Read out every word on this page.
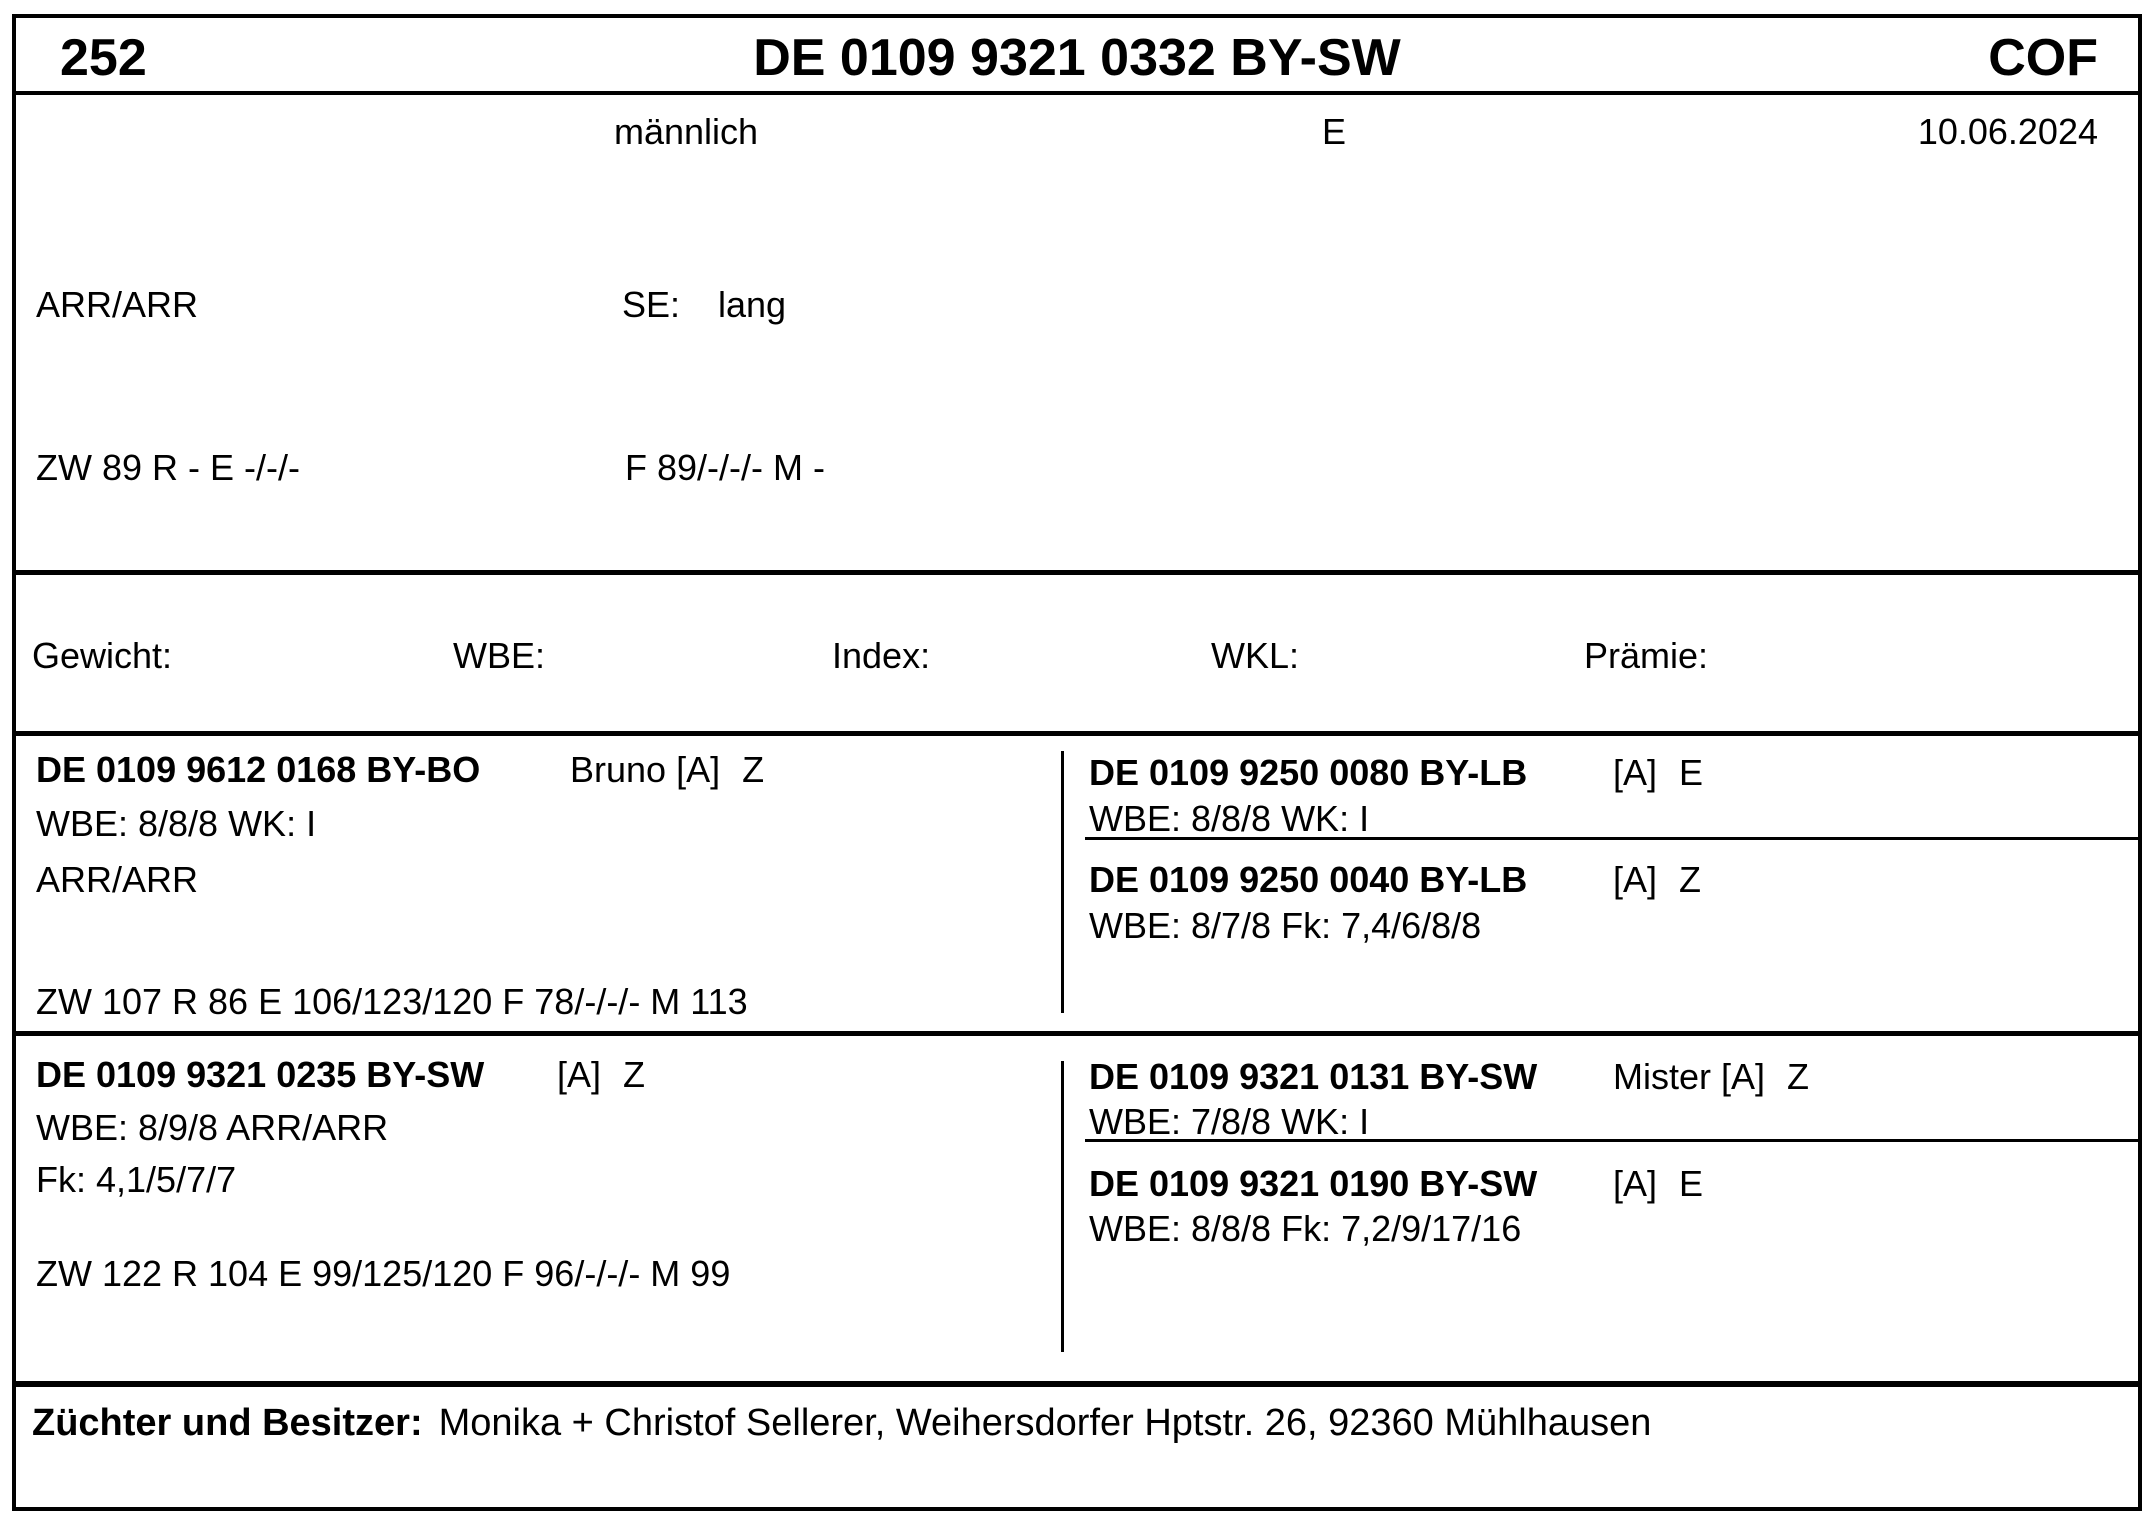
252	DE 0109 9321 0332 BY-SW	COF
männlich	E	10.06.2024
ARR/ARR	SE: lang
ZW 89 R - E -/-/-	F 89/-/-/- M -
Gewicht:	WBE:	Index:	WKL:	Prämie:
DE 0109 9612 0168 BY-BO Bruno [A] Z
WBE: 8/8/8 WK: I
ARR/ARR
ZW 107 R 86 E 106/123/120 F 78/-/-/- M 113
DE 0109 9250 0080 BY-LB [A] E
WBE: 8/8/8 WK: I
DE 0109 9250 0040 BY-LB [A] Z
WBE: 8/7/8 Fk: 7,4/6/8/8
DE 0109 9321 0235 BY-SW [A] Z
WBE: 8/9/8 ARR/ARR
Fk: 4,1/5/7/7
ZW 122 R 104 E 99/125/120 F 96/-/-/- M 99
DE 0109 9321 0131 BY-SW Mister [A] Z
WBE: 7/8/8 WK: I
DE 0109 9321 0190 BY-SW [A] E
WBE: 8/8/8 Fk: 7,2/9/17/16
Züchter und Besitzer: Monika + Christof Sellerer, Weihersdorfer Hptstr. 26, 92360 Mühlhausen
